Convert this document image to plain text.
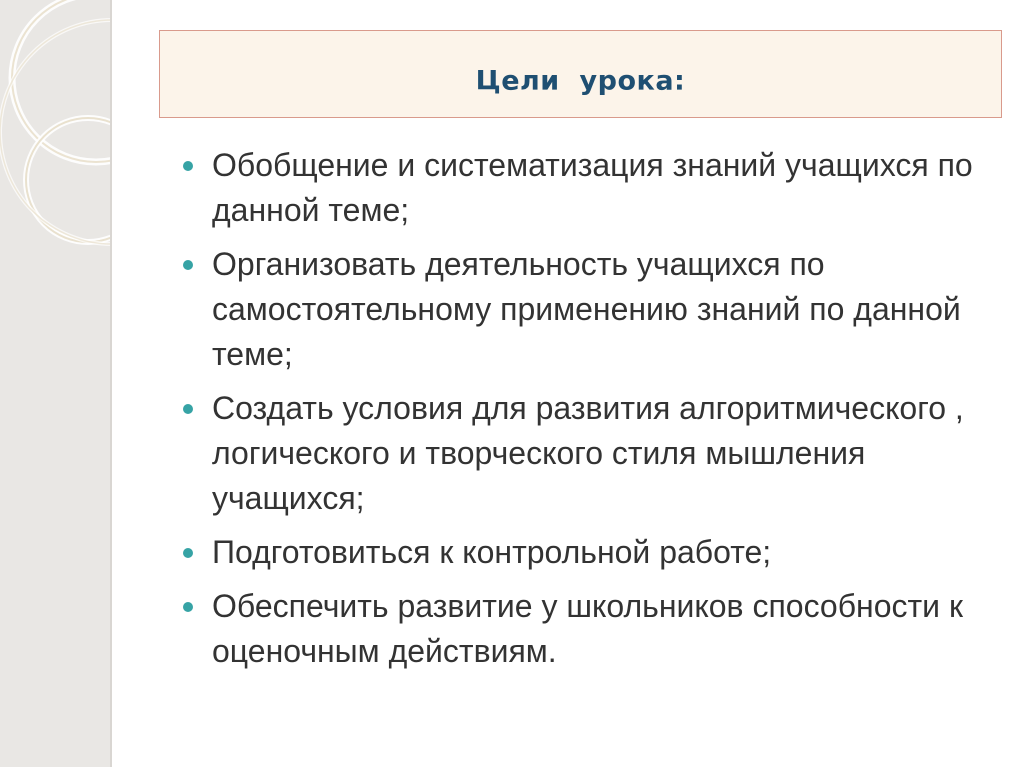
Цели  урока:
Обобщение и систематизация знаний учащихся по данной теме;
Организовать деятельность учащихся по самостоятельному применению знаний по данной теме;
Создать условия для развития алгоритмического , логического и творческого стиля мышления учащихся;
Подготовиться к контрольной работе;
Обеспечить развитие у школьников способности к оценочным действиям.
